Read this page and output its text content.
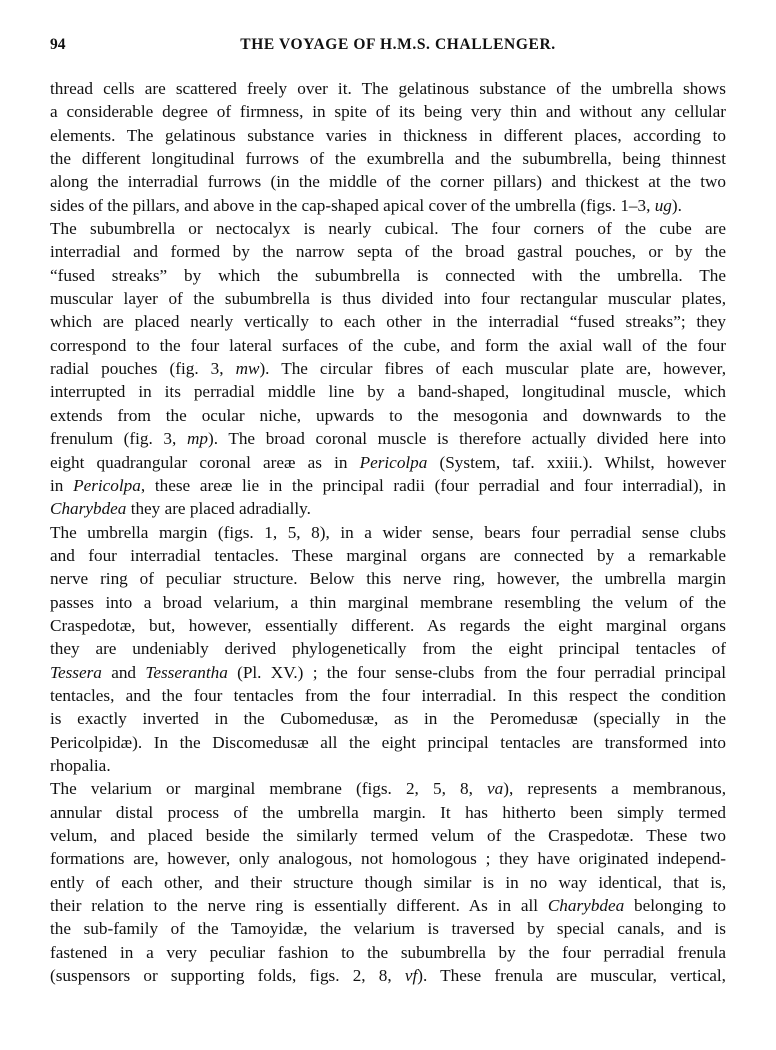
94	THE VOYAGE OF H.M.S. CHALLENGER.
thread cells are scattered freely over it. The gelatinous substance of the umbrella shows
a considerable degree of firmness, in spite of its being very thin and without any cellular
elements. The gelatinous substance varies in thickness in different places, according to
the different longitudinal furrows of the exumbrella and the subumbrella, being thinnest
along the interradial furrows (in the middle of the corner pillars) and thickest at the two
sides of the pillars, and above in the cap-shaped apical cover of the umbrella (figs. 1–3, ug).
The subumbrella or nectocalyx is nearly cubical. The four corners of the cube are
interradial and formed by the narrow septa of the broad gastral pouches, or by the
“fused streaks” by which the subumbrella is connected with the umbrella. The
muscular layer of the subumbrella is thus divided into four rectangular muscular plates,
which are placed nearly vertically to each other in the interradial “fused streaks”; they
correspond to the four lateral surfaces of the cube, and form the axial wall of the four
radial pouches (fig. 3, mw). The circular fibres of each muscular plate are, however,
interrupted in its perradial middle line by a band-shaped, longitudinal muscle, which
extends from the ocular niche, upwards to the mesogonia and downwards to the
frenulum (fig. 3, mp). The broad coronal muscle is therefore actually divided here into
eight quadrangular coronal areæ as in Pericolpa (System, taf. xxiii.). Whilst, however
in Pericolpa, these areæ lie in the principal radii (four perradial and four interradial), in
Charybdea they are placed adradially.
The umbrella margin (figs. 1, 5, 8), in a wider sense, bears four perradial sense clubs
and four interradial tentacles. These marginal organs are connected by a remarkable
nerve ring of peculiar structure. Below this nerve ring, however, the umbrella margin
passes into a broad velarium, a thin marginal membrane resembling the velum of the
Craspedotæ, but, however, essentially different. As regards the eight marginal organs
they are undeniably derived phylogenetically from the eight principal tentacles of
Tessera and Tesserantha (Pl. XV.) ; the four sense-clubs from the four perradial principal
tentacles, and the four tentacles from the four interradial. In this respect the condition
is exactly inverted in the Cubomedusæ, as in the Peromedusæ (specially in the
Pericolpidæ). In the Discomedusæ all the eight principal tentacles are transformed into
rhopalia.
The velarium or marginal membrane (figs. 2, 5, 8, va), represents a membranous,
annular distal process of the umbrella margin. It has hitherto been simply termed
velum, and placed beside the similarly termed velum of the Craspedotæ. These two
formations are, however, only analogous, not homologous ; they have originated independ-
ently of each other, and their structure though similar is in no way identical, that is,
their relation to the nerve ring is essentially different. As in all Charybdea belonging to
the sub-family of the Tamoyidæ, the velarium is traversed by special canals, and is
fastened in a very peculiar fashion to the subumbrella by the four perradial frenula
(suspensors or supporting folds, figs. 2, 8, vf). These frenula are muscular, vertical,
